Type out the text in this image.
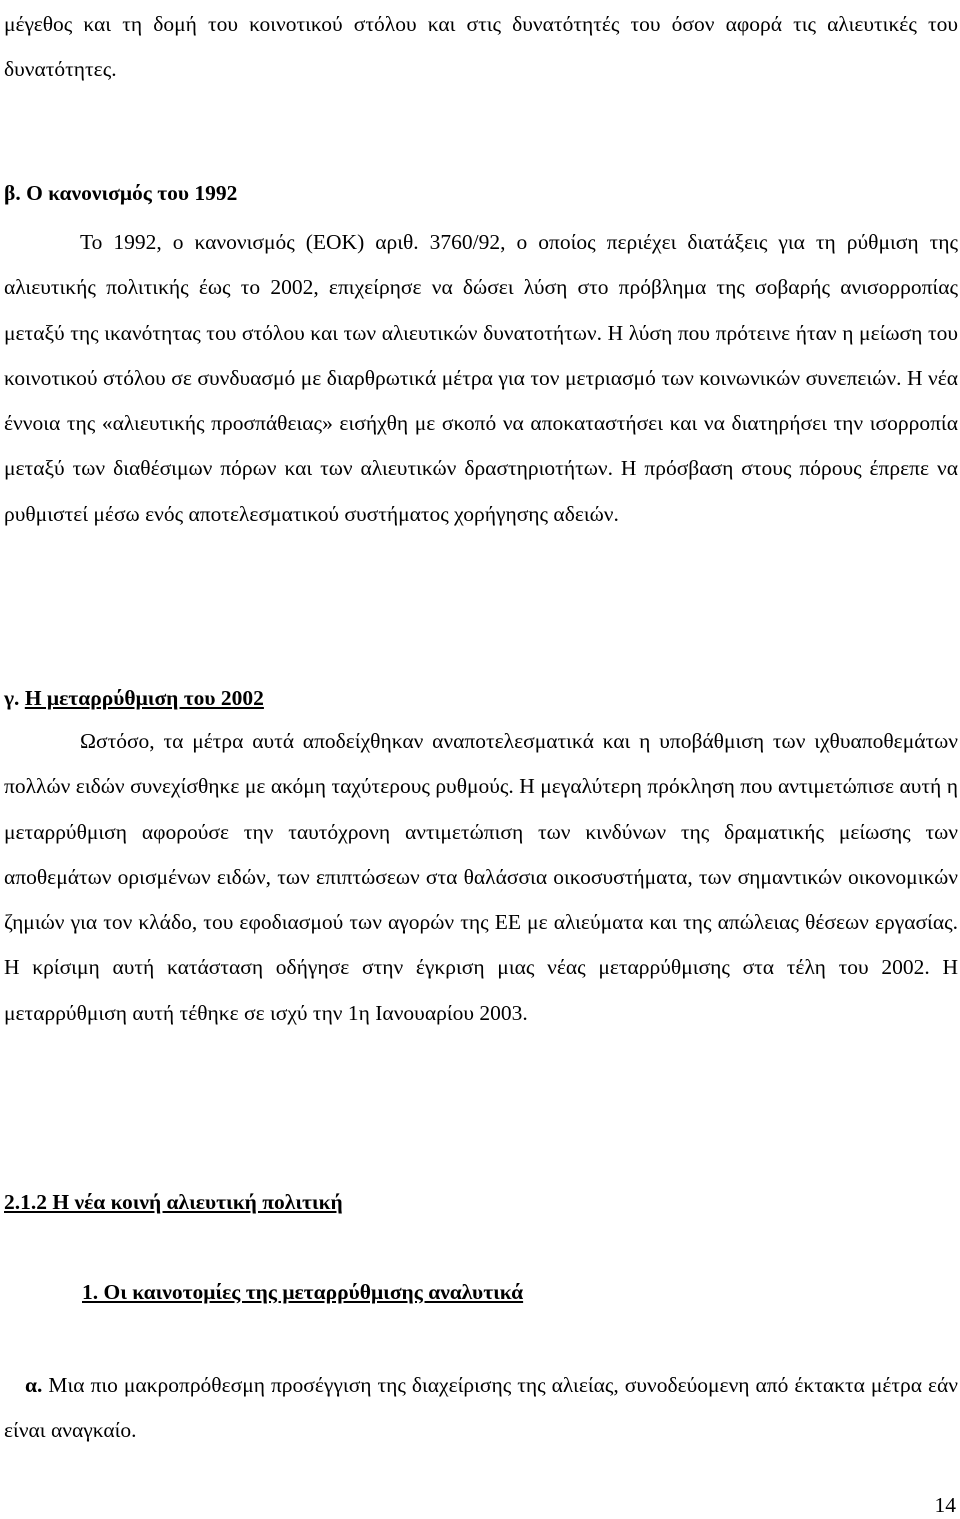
μέγεθος και τη δομή του κοινοτικού στόλου και στις δυνατότητές του όσον αφορά τις αλιευτικές του δυνατότητες.

β. Ο κανονισμός του 1992

Το 1992, ο κανονισμός (ΕΟΚ) αριθ. 3760/92, ο οποίος περιέχει διατάξεις για τη ρύθμιση της αλιευτικής πολιτικής έως το 2002, επιχείρησε να δώσει λύση στο πρόβλημα της σοβαρής ανισορροπίας μεταξύ της ικανότητας του στόλου και των αλιευτικών δυνατοτήτων. Η λύση που πρότεινε ήταν η μείωση του κοινοτικού στόλου σε συνδυασμό με διαρθρωτικά μέτρα για τον μετριασμό των κοινωνικών συνεπειών. Η νέα έννοια της «αλιευτικής προσπάθειας» εισήχθη με σκοπό να αποκαταστήσει και να διατηρήσει την ισορροπία μεταξύ των διαθέσιμων πόρων και των αλιευτικών δραστηριοτήτων. Η πρόσβαση στους πόρους έπρεπε να ρυθμιστεί μέσω ενός αποτελεσματικού συστήματος χορήγησης αδειών.

γ. Η μεταρρύθμιση του 2002

Ωστόσο, τα μέτρα αυτά αποδείχθηκαν αναποτελεσματικά και η υποβάθμιση των ιχθυαποθεμάτων πολλών ειδών συνεχίσθηκε με ακόμη ταχύτερους ρυθμούς. Η μεγαλύτερη πρόκληση που αντιμετώπισε αυτή η μεταρρύθμιση αφορούσε την ταυτόχρονη αντιμετώπιση των κινδύνων της δραματικής μείωσης των αποθεμάτων ορισμένων ειδών, των επιπτώσεων στα θαλάσσια οικοσυστήματα, των σημαντικών οικονομικών ζημιών για τον κλάδο, του εφοδιασμού των αγορών της ΕΕ με αλιεύματα και της απώλειας θέσεων εργασίας. Η κρίσιμη αυτή κατάσταση οδήγησε στην έγκριση μιας νέας μεταρρύθμισης στα τέλη του 2002. Η μεταρρύθμιση αυτή τέθηκε σε ισχύ την 1η Ιανουαρίου 2003.

2.1.2 Η νέα κοινή αλιευτική πολιτική
1. Οι καινοτομίες της μεταρρύθμισης αναλυτικά

α. Μια πιο μακροπρόθεσμη προσέγγιση της διαχείρισης της αλιείας, συνοδεύομενη από έκτακτα μέτρα εάν είναι αναγκαίο.

14
